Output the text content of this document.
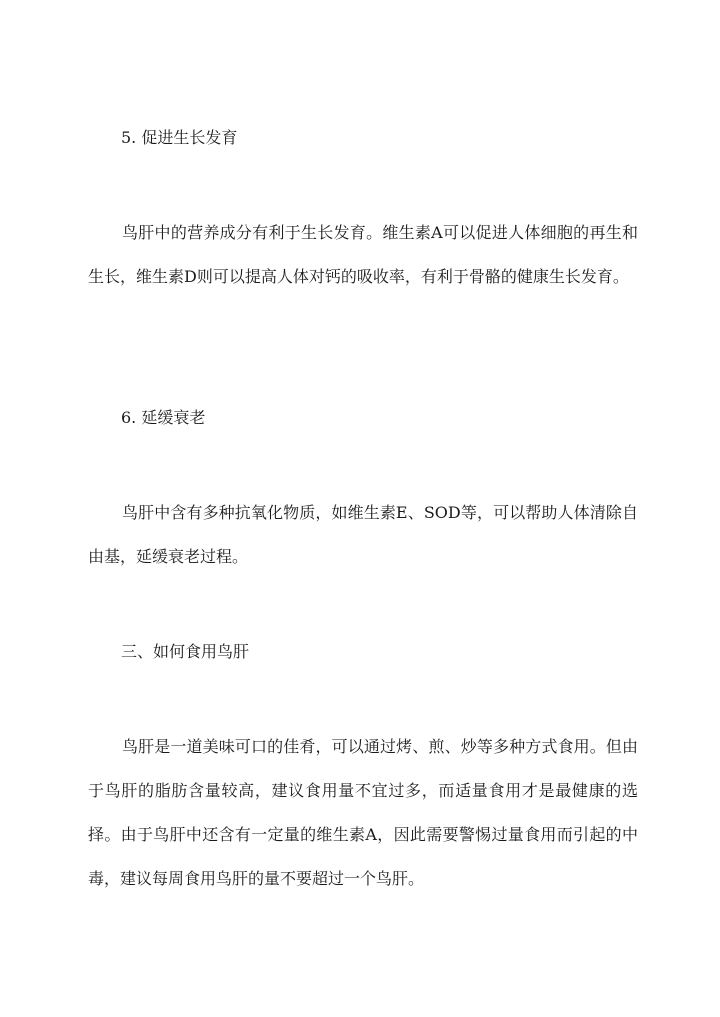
5. 促进生长发育

鸟肝中的营养成分有利于生长发育。维生素A可以促进人体细胞的再生和生长，维生素D则可以提高人体对钙的吸收率，有利于骨骼的健康生长发育。

6. 延缓衰老

鸟肝中含有多种抗氧化物质，如维生素E、SOD等，可以帮助人体清除自由基，延缓衰老过程。

三、如何食用鸟肝

鸟肝是一道美味可口的佳肴，可以通过烤、煎、炒等多种方式食用。但由于鸟肝的脂肪含量较高，建议食用量不宜过多，而适量食用才是最健康的选择。由于鸟肝中还含有一定量的维生素A，因此需要警惕过量食用而引起的中毒，建议每周食用鸟肝的量不要超过一个鸟肝。
